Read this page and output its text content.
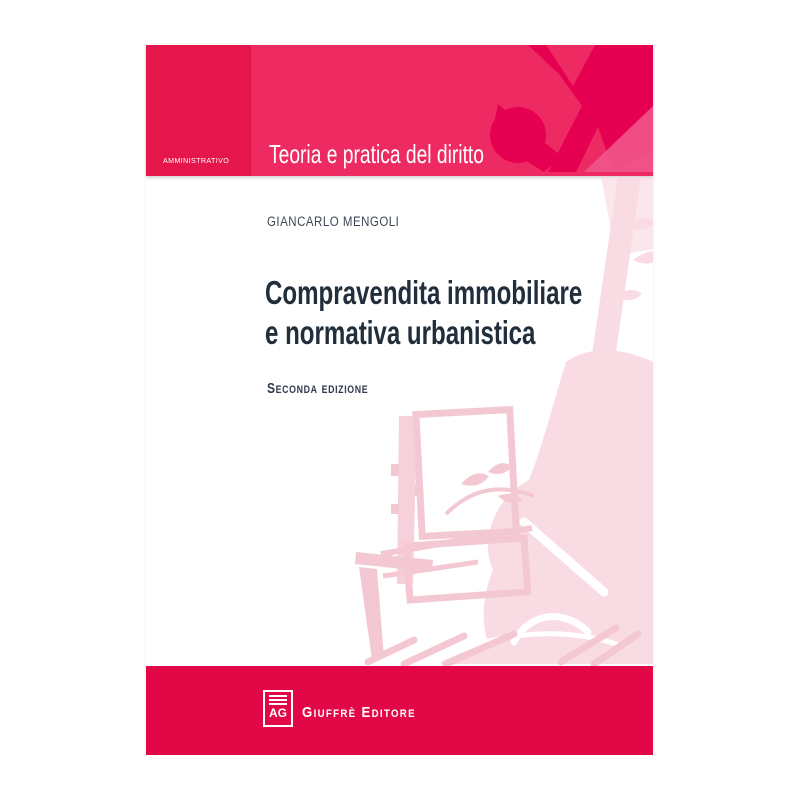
AMMINISTRATIVO Teoria e pratica del diritto
GIANCARLO MENGOLI
Compravendita immobiliare
e normativa urbanistica
Seconda edizione
AG Giuffrè Editore
